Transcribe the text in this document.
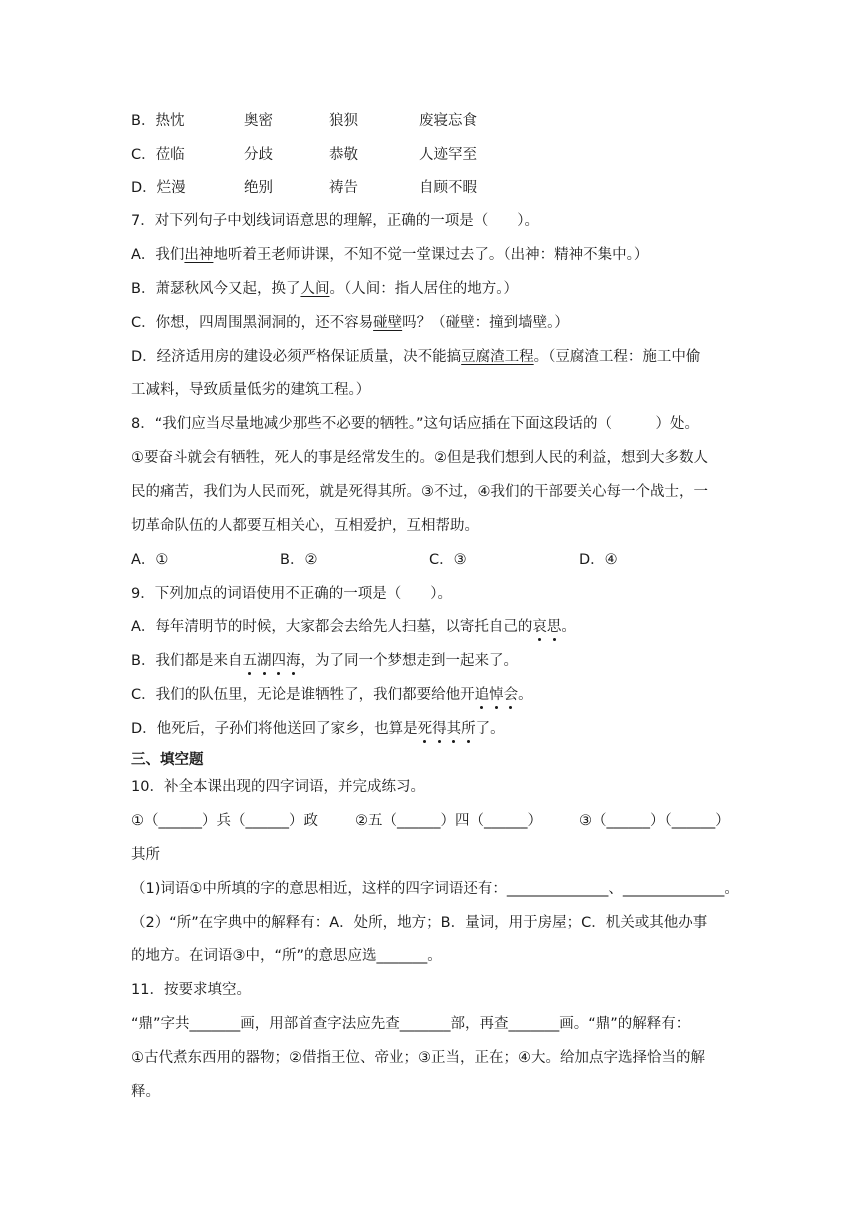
B．热忱	奥密	狼狈	废寝忘食
C．莅临	分歧	恭敬	人迹罕至
D．烂漫	绝别	祷告	自顾不暇
7．对下列句子中划线词语意思的理解，正确的一项是（　　）。
A．我们出神地听着王老师讲课，不知不觉一堂课过去了。（出神：精神不集中。）
B．萧瑟秋风今又起，换了人间。（人间：指人居住的地方。）
C．你想，四周围黑洞洞的，还不容易碰壁吗？（碰壁：撞到墙壁。）
D．经济适用房的建设必须严格保证质量，决不能搞豆腐渣工程。（豆腐渣工程：施工中偷
工减料，导致质量低劣的建筑工程。）
8．“我们应当尽量地减少那些不必要的牺牲。”这句话应插在下面这段话的（　　　）处。
①要奋斗就会有牺牲，死人的事是经常发生的。②但是我们想到人民的利益，想到大多数人
民的痛苦，我们为人民而死，就是死得其所。③不过，④我们的干部要关心每一个战士，一
切革命队伍的人都要互相关心，互相爱护，互相帮助。
A．①	B．②	C．③	D．④
9．下列加点的词语使用不正确的一项是（　　）。
A．每年清明节的时候，大家都会去给先人扫墓，以寄托自己的哀思。
B．我们都是来自五湖四海，为了同一个梦想走到一起来了。
C．我们的队伍里，无论是谁牺牲了，我们都要给他开追悼会。
D．他死后，子孙们将他送回了家乡，也算是死得其所了。
三、填空题
10．补全本课出现的四字词语，并完成练习。
①（______）兵（______）政	②五（______）四（______）	③（______）（______）
其所
（1)词语①中所填的字的意思相近，这样的四字词语还有：______________、______________。
（2）“所”在字典中的解释有：A．处所，地方；B．量词，用于房屋；C．机关或其他办事
的地方。在词语③中，“所”的意思应选_______。
11．按要求填空。
“鼎”字共_______画，用部首查字法应先查_______部，再查_______画。“鼎”的解释有：
①古代煮东西用的器物；②借指王位、帝业；③正当，正在；④大。给加点字选择恰当的解
释。
